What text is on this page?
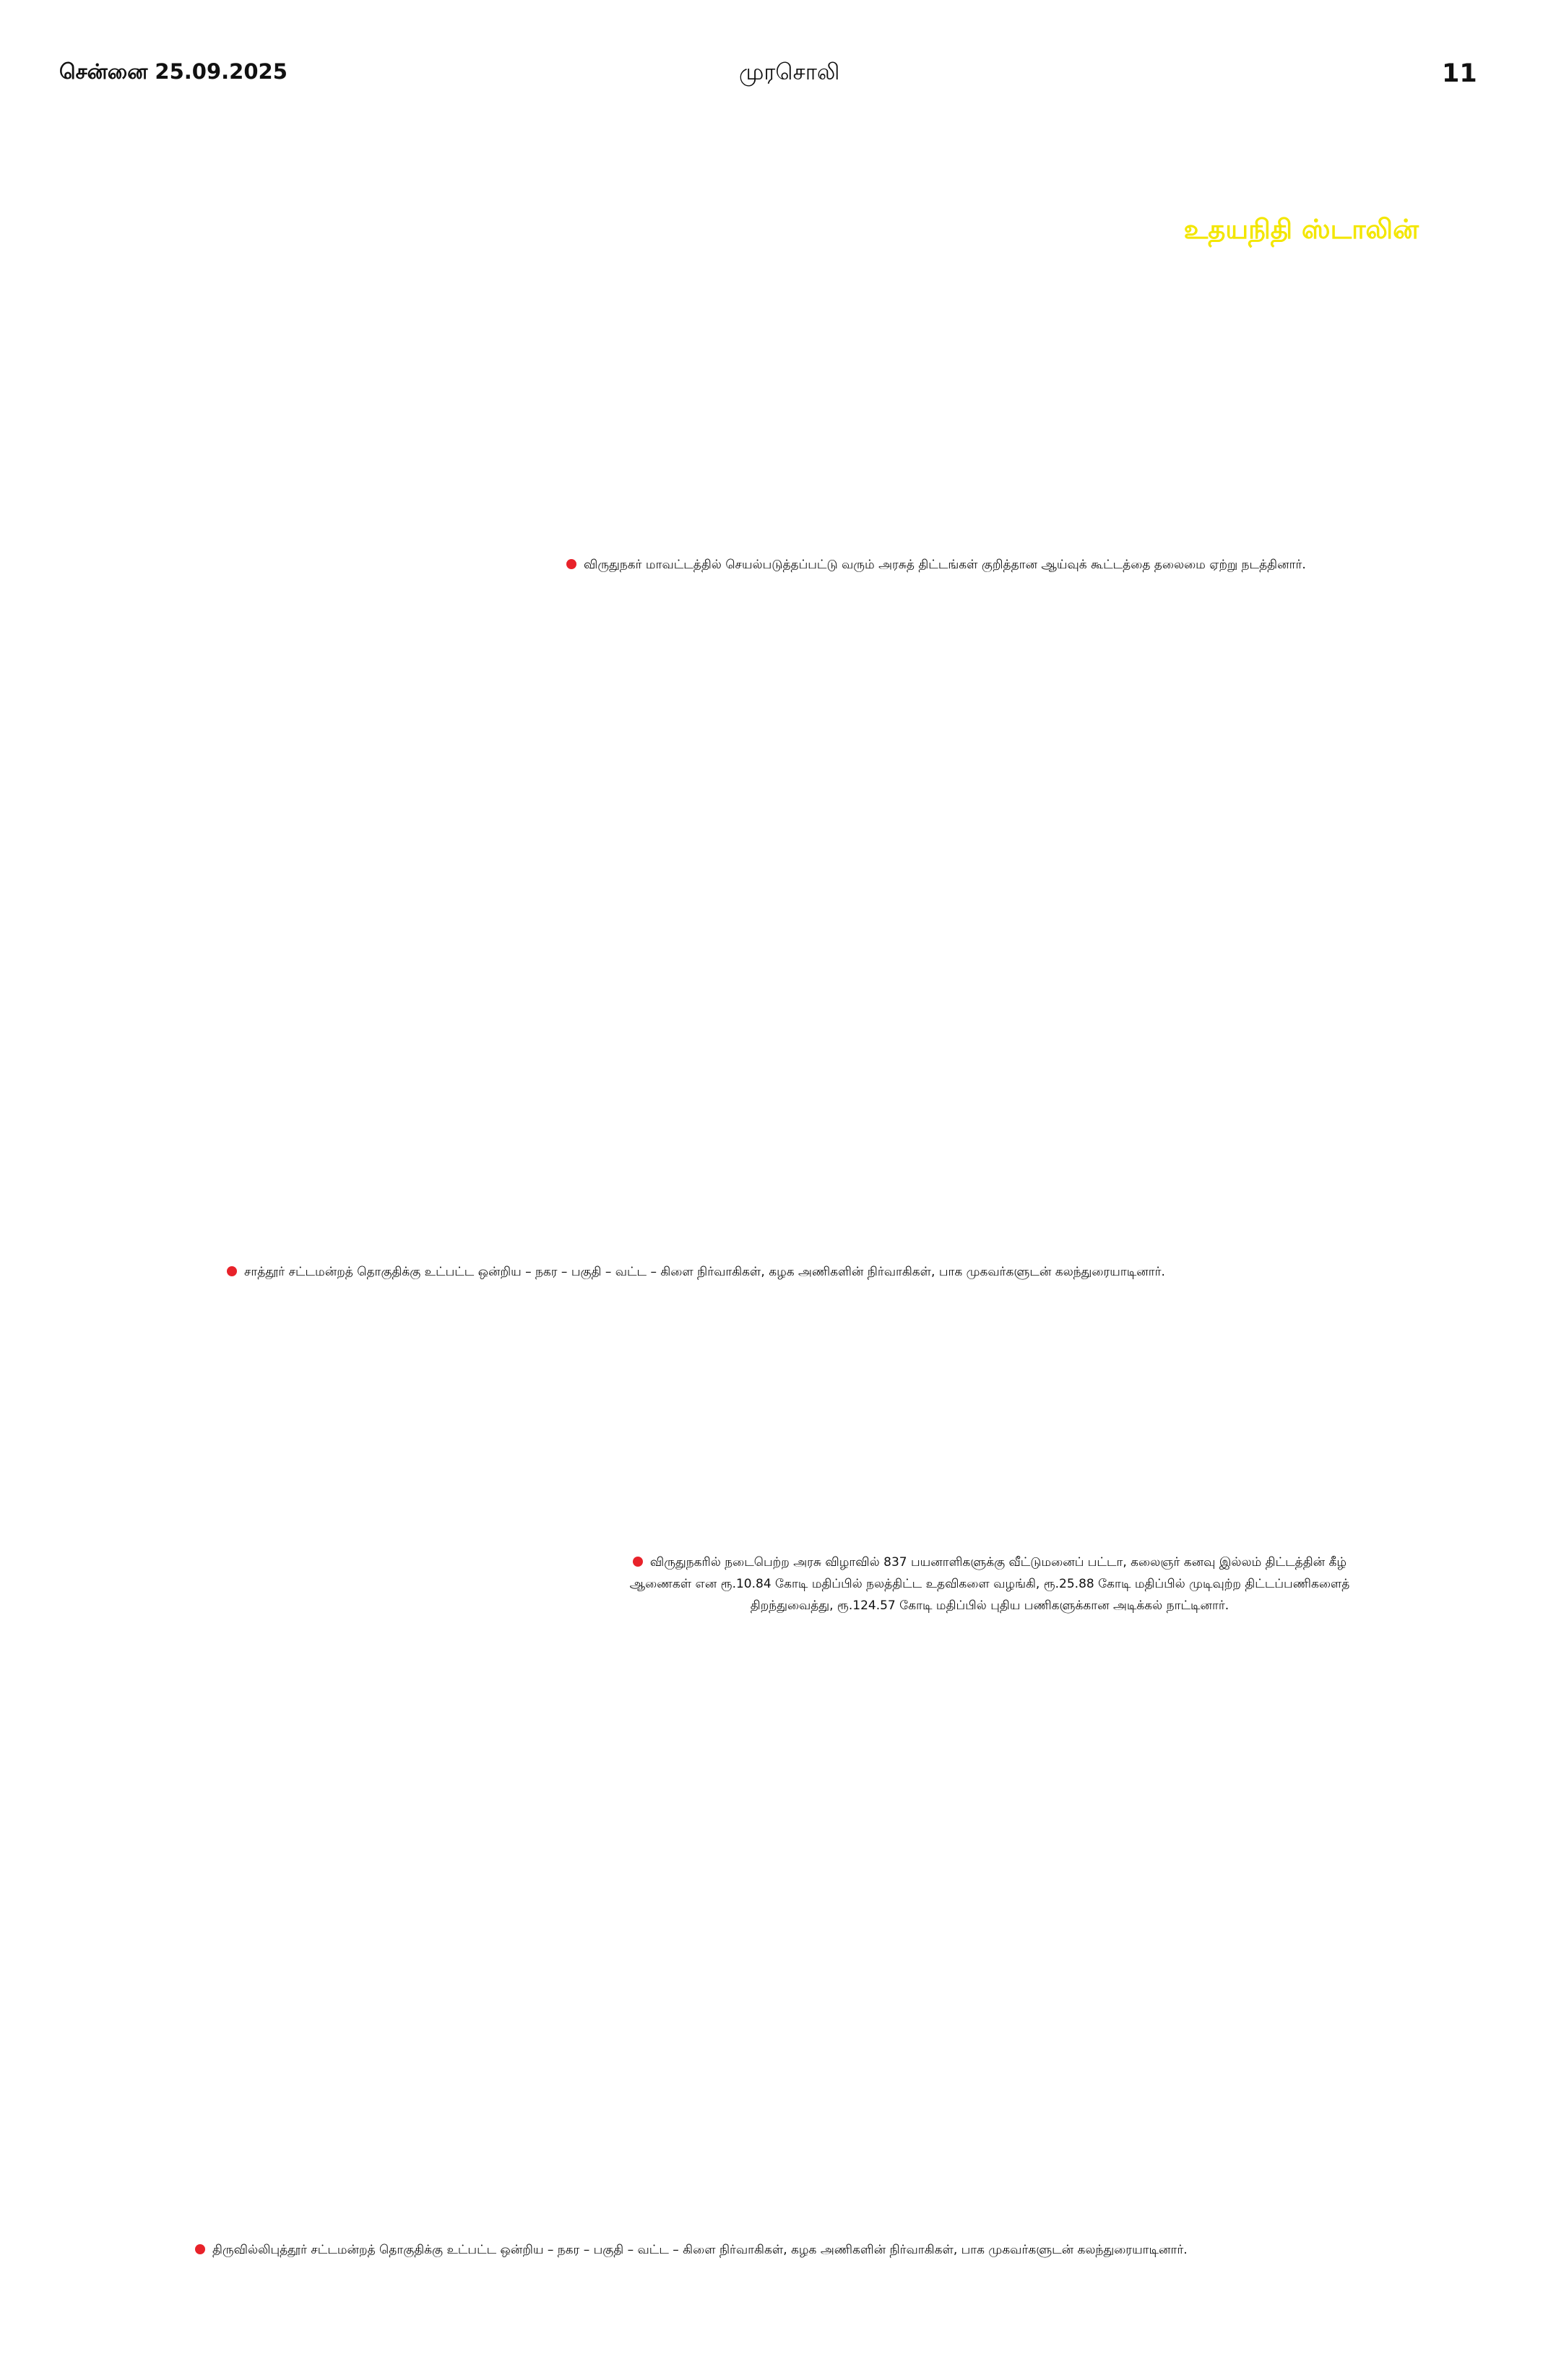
சென்னை 25.09.2025	முரசொலி	11
உதயநிதி ஸ்டாலின்
விருதுநகர் மாவட்டத்தில் செயல்படுத்தப்பட்டு வரும் அரசுத் திட்டங்கள் குறித்தான ஆய்வுக் கூட்டத்தை தலைமை ஏற்று நடத்தினார்.
சாத்தூர் சட்டமன்றத் தொகுதிக்கு உட்பட்ட ஒன்றிய – நகர – பகுதி – வட்ட – கிளை நிர்வாகிகள், கழக அணிகளின் நிர்வாகிகள், பாக முகவர்களுடன் கலந்துரையாடினார்.
விருதுநகரில் நடைபெற்ற அரசு விழாவில் 837 பயனாளிகளுக்கு வீட்டுமனைப் பட்டா, கலைஞர் கனவு இல்லம் திட்டத்தின் கீழ்
ஆணைகள் என ரூ.10.84 கோடி மதிப்பில் நலத்திட்ட உதவிகளை வழங்கி, ரூ.25.88 கோடி மதிப்பில் முடிவுற்ற திட்டப்பணிகளைத்
திறந்துவைத்து, ரூ.124.57 கோடி மதிப்பில் புதிய பணிகளுக்கான அடிக்கல் நாட்டினார்.
திருவில்லிபுத்தூர் சட்டமன்றத் தொகுதிக்கு உட்பட்ட ஒன்றிய – நகர – பகுதி – வட்ட – கிளை நிர்வாகிகள், கழக அணிகளின் நிர்வாகிகள், பாக முகவர்களுடன் கலந்துரையாடினார்.
